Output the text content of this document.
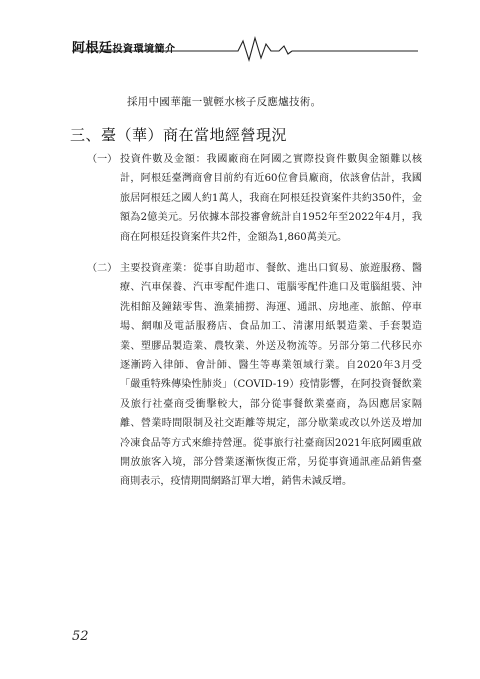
阿根廷投資環境簡介
採用中國華龍一號輕水核子反應爐技術。
三、臺（華）商在當地經營現況
（一） 投資件數及金額：我國廠商在阿國之實際投資件數與金額難以核計，阿根廷臺灣商會目前約有近60位會員廠商，依該會估計，我國旅居阿根廷之國人約1萬人，我商在阿根廷投資案件共約350件，金額為2億美元。另依據本部投審會統計自1952年至2022年4月，我商在阿根廷投資案件共2件，金額為1,860萬美元。
（二） 主要投資產業：從事自助超市、餐飲、進出口貿易、旅遊服務、醫療、汽車保養、汽車零配件進口、電腦零配件進口及電腦組裝、沖洗相館及鐘錶零售、漁業捕撈、海運、通訊、房地產、旅館、停車場、網咖及電話服務店、食品加工、清潔用紙製造業、手套製造業、塑膠品製造業、農牧業、外送及物流等。另部分第二代移民亦逐漸跨入律師、會計師、醫生等專業領域行業。自2020年3月受「嚴重特殊傳染性肺炎」（COVID-19）疫情影響，在阿投資餐飲業及旅行社臺商受衝擊較大，部分從事餐飲業臺商，為因應居家隔離、營業時間限制及社交距離等規定，部分歇業或改以外送及增加冷凍食品等方式來維持營運。從事旅行社臺商因2021年底阿國重啟開放旅客入境，部分營業逐漸恢復正常，另從事資通訊產品銷售臺商則表示，疫情期間網路訂單大增，銷售未減反增。
52
